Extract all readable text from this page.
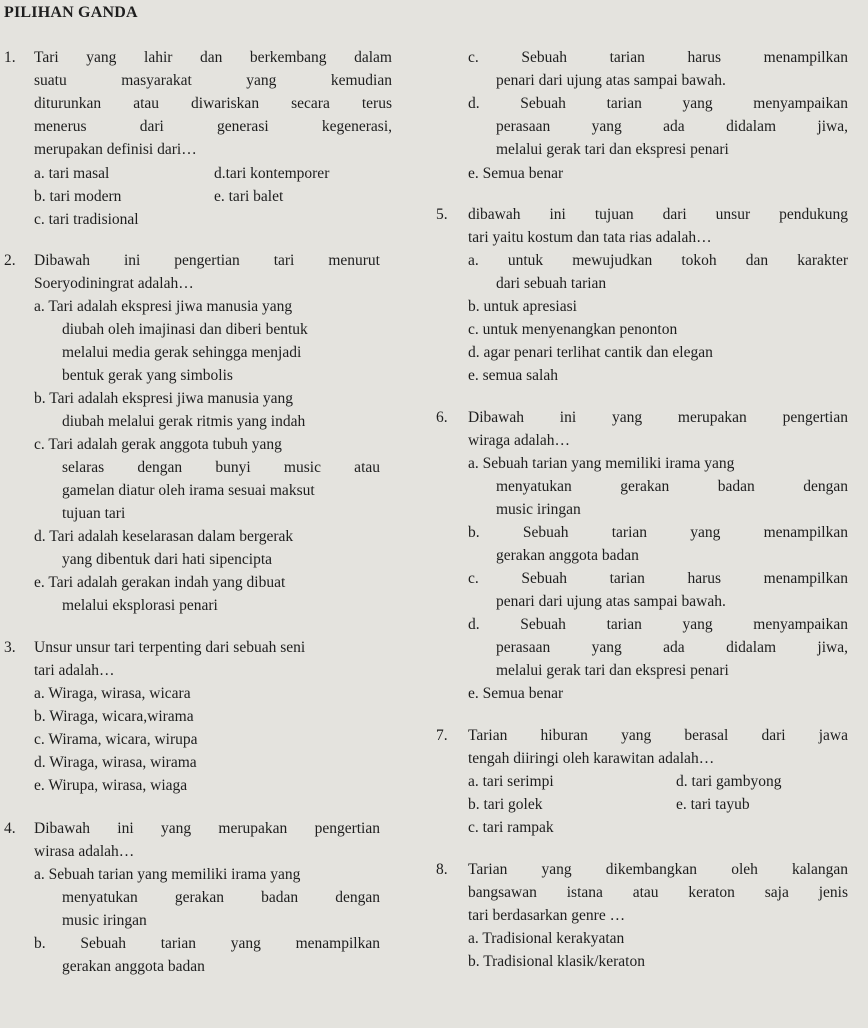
PILIHAN GANDA
1. Tari yang lahir dan berkembang dalam
suatu masyarakat yang kemudian
diturunkan atau diwariskan secara terus
menerus dari generasi kegenerasi,
merupakan definisi dari…
a. tari masal	d.tari kontemporer
b. tari modern	e. tari balet
c. tari tradisional
2. Dibawah ini pengertian tari menurut
Soeryodiningrat adalah…
a. Tari adalah ekspresi jiwa manusia yang
diubah oleh imajinasi dan diberi bentuk
melalui media gerak sehingga menjadi
bentuk gerak yang simbolis
b. Tari adalah ekspresi jiwa manusia yang
diubah melalui gerak ritmis yang indah
c. Tari adalah gerak anggota tubuh yang
selaras dengan bunyi music atau
gamelan diatur oleh irama sesuai maksut
tujuan tari
d. Tari adalah keselarasan dalam bergerak
yang dibentuk dari hati sipencipta
e. Tari adalah gerakan indah yang dibuat
melalui eksplorasi penari
3. Unsur unsur tari terpenting dari sebuah seni
tari adalah…
a. Wiraga, wirasa, wicara
b. Wiraga, wicara,wirama
c. Wirama, wicara, wirupa
d. Wiraga, wirasa, wirama
e. Wirupa, wirasa, wiaga
4. Dibawah ini yang merupakan pengertian
wirasa adalah…
a. Sebuah tarian yang memiliki irama yang
menyatukan gerakan badan dengan
music iringan
b. Sebuah tarian yang menampilkan
gerakan anggota badan
c. Sebuah tarian harus menampilkan
penari dari ujung atas sampai bawah.
d. Sebuah tarian yang menyampaikan
perasaan yang ada didalam jiwa,
melalui gerak tari dan ekspresi penari
e. Semua benar
5. dibawah ini tujuan dari unsur pendukung
tari yaitu kostum dan tata rias adalah…
a. untuk mewujudkan tokoh dan karakter
dari sebuah tarian
b. untuk apresiasi
c. untuk menyenangkan penonton
d. agar penari terlihat cantik dan elegan
e. semua salah
6. Dibawah ini yang merupakan pengertian
wiraga adalah…
a. Sebuah tarian yang memiliki irama yang
menyatukan gerakan badan dengan
music iringan
b. Sebuah tarian yang menampilkan
gerakan anggota badan
c. Sebuah tarian harus menampilkan
penari dari ujung atas sampai bawah.
d. Sebuah tarian yang menyampaikan
perasaan yang ada didalam jiwa,
melalui gerak tari dan ekspresi penari
e. Semua benar
7. Tarian hiburan yang berasal dari jawa
tengah diiringi oleh karawitan adalah…
a. tari serimpi	d. tari gambyong
b. tari golek	e. tari tayub
c. tari rampak
8. Tarian yang dikembangkan oleh kalangan
bangsawan istana atau keraton saja jenis
tari berdasarkan genre …
a. Tradisional kerakyatan
b. Tradisional klasik/keraton
